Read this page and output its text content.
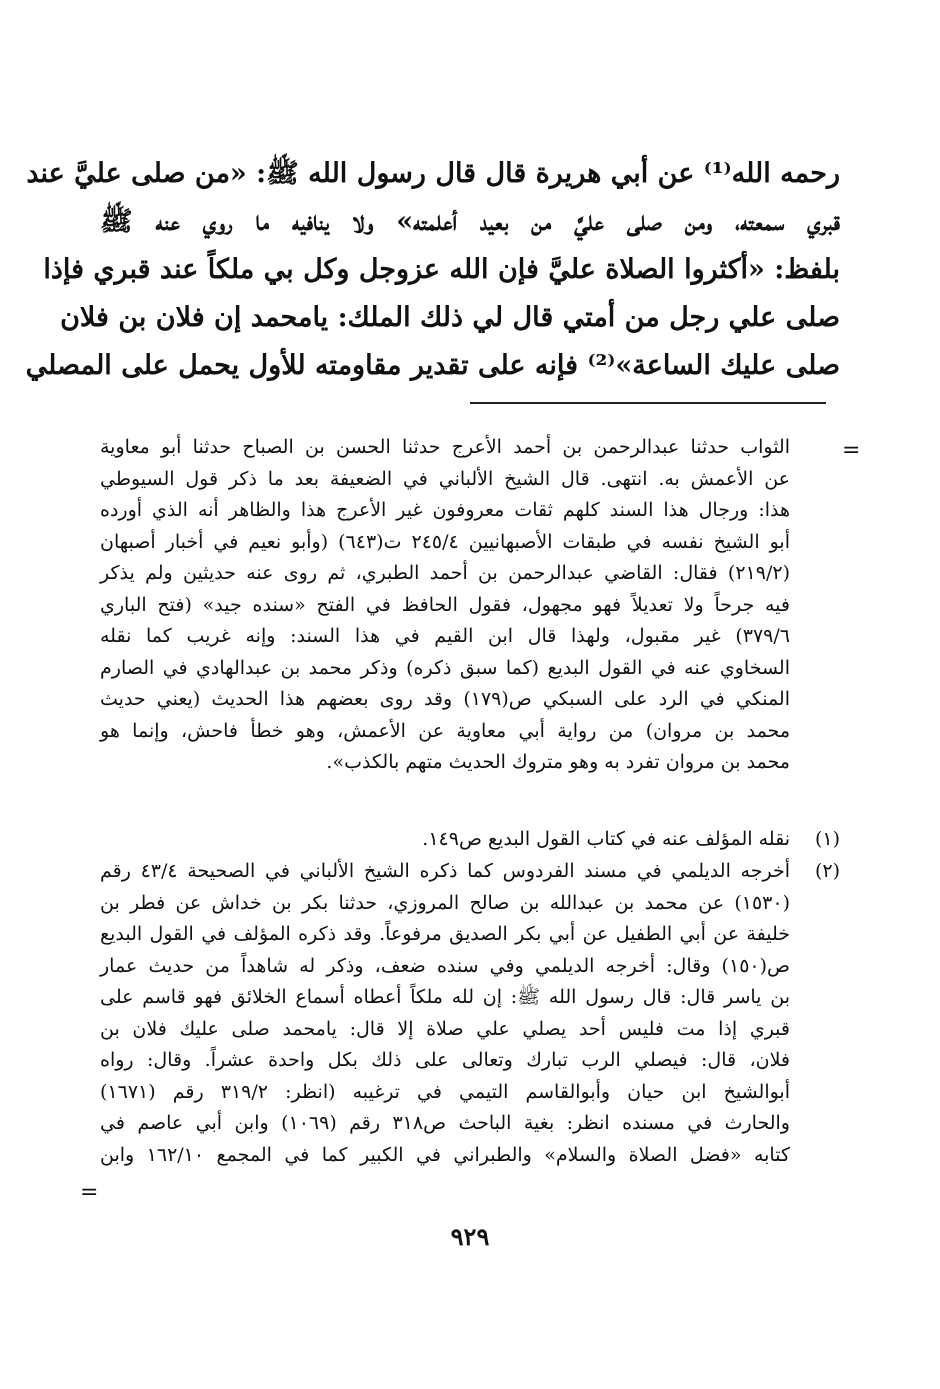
رحمه الله⁽¹⁾ عن أبي هريرة قال قال رسول الله ﷺ: «من صلى عليَّ عند
قبري سمعته، ومن صلى عليَّ من بعيد أعلمته» ولا ينافيه ما روي عنه ﷺ
بلفظ: «أكثروا الصلاة عليَّ فإن الله عزوجل وكل بي ملكاً عند قبري فإذا
صلى علي رجل من أمتي قال لي ذلك الملك: يامحمد إن فلان بن فلان
صلى عليك الساعة»⁽²⁾ فإنه على تقدير مقاومته للأول يحمل على المصلي
=
الثواب حدثنا عبدالرحمن بن أحمد الأعرج حدثنا الحسن بن الصباح حدثنا أبو معاوية
عن الأعمش به. انتهى. قال الشيخ الألباني في الضعيفة بعد ما ذكر قول السيوطي
هذا: ورجال هذا السند كلهم ثقات معروفون غير الأعرج هذا والظاهر أنه الذي أورده
أبو الشيخ نفسه في طبقات الأصبهانيين ٢٤٥/٤ ت(٦٤٣) (وأبو نعيم في أخبار أصبهان
(٢١٩/٢) فقال: القاضي عبدالرحمن بن أحمد الطبري، ثم روى عنه حديثين ولم يذكر
فيه جرحاً ولا تعديلاً فهو مجهول، فقول الحافظ في الفتح «سنده جيد» (فتح الباري
٣٧٩/٦) غير مقبول، ولهذا قال ابن القيم في هذا السند: وإنه غريب كما نقله
السخاوي عنه في القول البديع (كما سبق ذكره) وذكر محمد بن عبدالهادي في الصارم
المنكي في الرد على السبكي ص(١٧٩) وقد روى بعضهم هذا الحديث (يعني حديث
محمد بن مروان) من رواية أبي معاوية عن الأعمش، وهو خطأ فاحش، وإنما هو
محمد بن مروان تفرد به وهو متروك الحديث متهم بالكذب».
(١)
نقله المؤلف عنه في كتاب القول البديع ص١٤٩.
(٢)
أخرجه الديلمي في مسند الفردوس كما ذكره الشيخ الألباني في الصحيحة ٤٣/٤ رقم
(١٥٣٠) عن محمد بن عبدالله بن صالح المروزي، حدثنا بكر بن خداش عن فطر بن
خليفة عن أبي الطفيل عن أبي بكر الصديق مرفوعاً. وقد ذكره المؤلف في القول البديع
ص(١٥٠) وقال: أخرجه الديلمي وفي سنده ضعف، وذكر له شاهداً من حديث عمار
بن ياسر قال: قال رسول الله ﷺ: إن لله ملكاً أعطاه أسماع الخلائق فهو قاسم على
قبري إذا مت فليس أحد يصلي علي صلاة إلا قال: يامحمد صلى عليك فلان بن
فلان، قال: فيصلي الرب تبارك وتعالى على ذلك بكل واحدة عشراً. وقال: رواه
أبوالشيخ ابن حيان وأبوالقاسم التيمي في ترغيبه (انظر: ٣١٩/٢ رقم (١٦٧١)
والحارث في مسنده انظر: بغية الباحث ص٣١٨ رقم (١٠٦٩) وابن أبي عاصم في
كتابه «فضل الصلاة والسلام» والطبراني في الكبير كما في المجمع ١٦٢/١٠ وابن
=
٩٢٩
